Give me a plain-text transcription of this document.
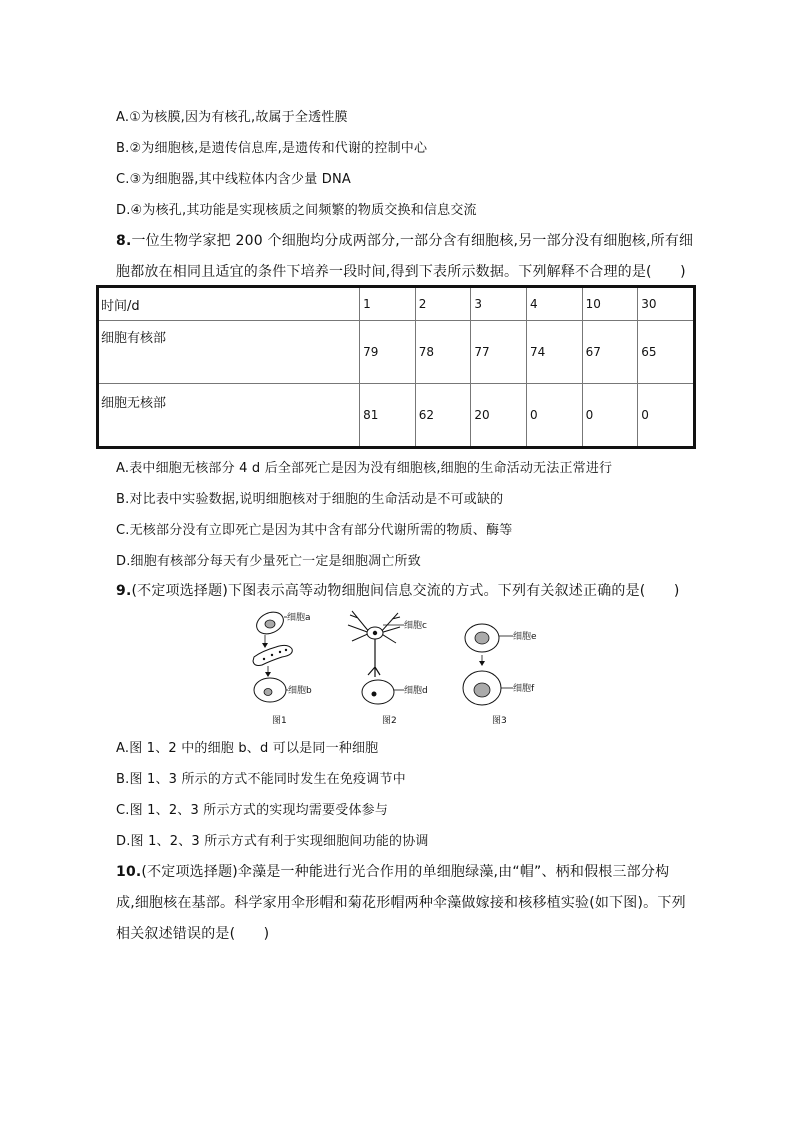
A.①为核膜,因为有核孔,故属于全透性膜
B.②为细胞核,是遗传信息库,是遗传和代谢的控制中心
C.③为细胞器,其中线粒体内含少量 DNA
D.④为核孔,其功能是实现核质之间频繁的物质交换和信息交流
8.一位生物学家把 200 个细胞均分成两部分,一部分含有细胞核,另一部分没有细胞核,所有细
胞都放在相同且适宜的条件下培养一段时间,得到下表所示数据。下列解释不合理的是(　　)
时间/d	1	2	3	4	10	30

细胞有核部	79	78	77	74	67	65

细胞无核部	81	62	20	0	0	0
A.表中细胞无核部分 4 d 后全部死亡是因为没有细胞核,细胞的生命活动无法正常进行
B.对比表中实验数据,说明细胞核对于细胞的生命活动是不可或缺的
C.无核部分没有立即死亡是因为其中含有部分代谢所需的物质、酶等
D.细胞有核部分每天有少量死亡一定是细胞凋亡所致
9.(不定项选择题)下图表示高等动物细胞间信息交流的方式。下列有关叙述正确的是(　　)
细胞a
细胞b
图1
细胞c
细胞d
图2
细胞e
细胞f
图3
A.图 1、2 中的细胞 b、d 可以是同一种细胞
B.图 1、3 所示的方式不能同时发生在免疫调节中
C.图 1、2、3 所示方式的实现均需要受体参与
D.图 1、2、3 所示方式有利于实现细胞间功能的协调
10.(不定项选择题)伞藻是一种能进行光合作用的单细胞绿藻,由“帽”、柄和假根三部分构
成,细胞核在基部。科学家用伞形帽和菊花形帽两种伞藻做嫁接和核移植实验(如下图)。下列
相关叙述错误的是(　　)
